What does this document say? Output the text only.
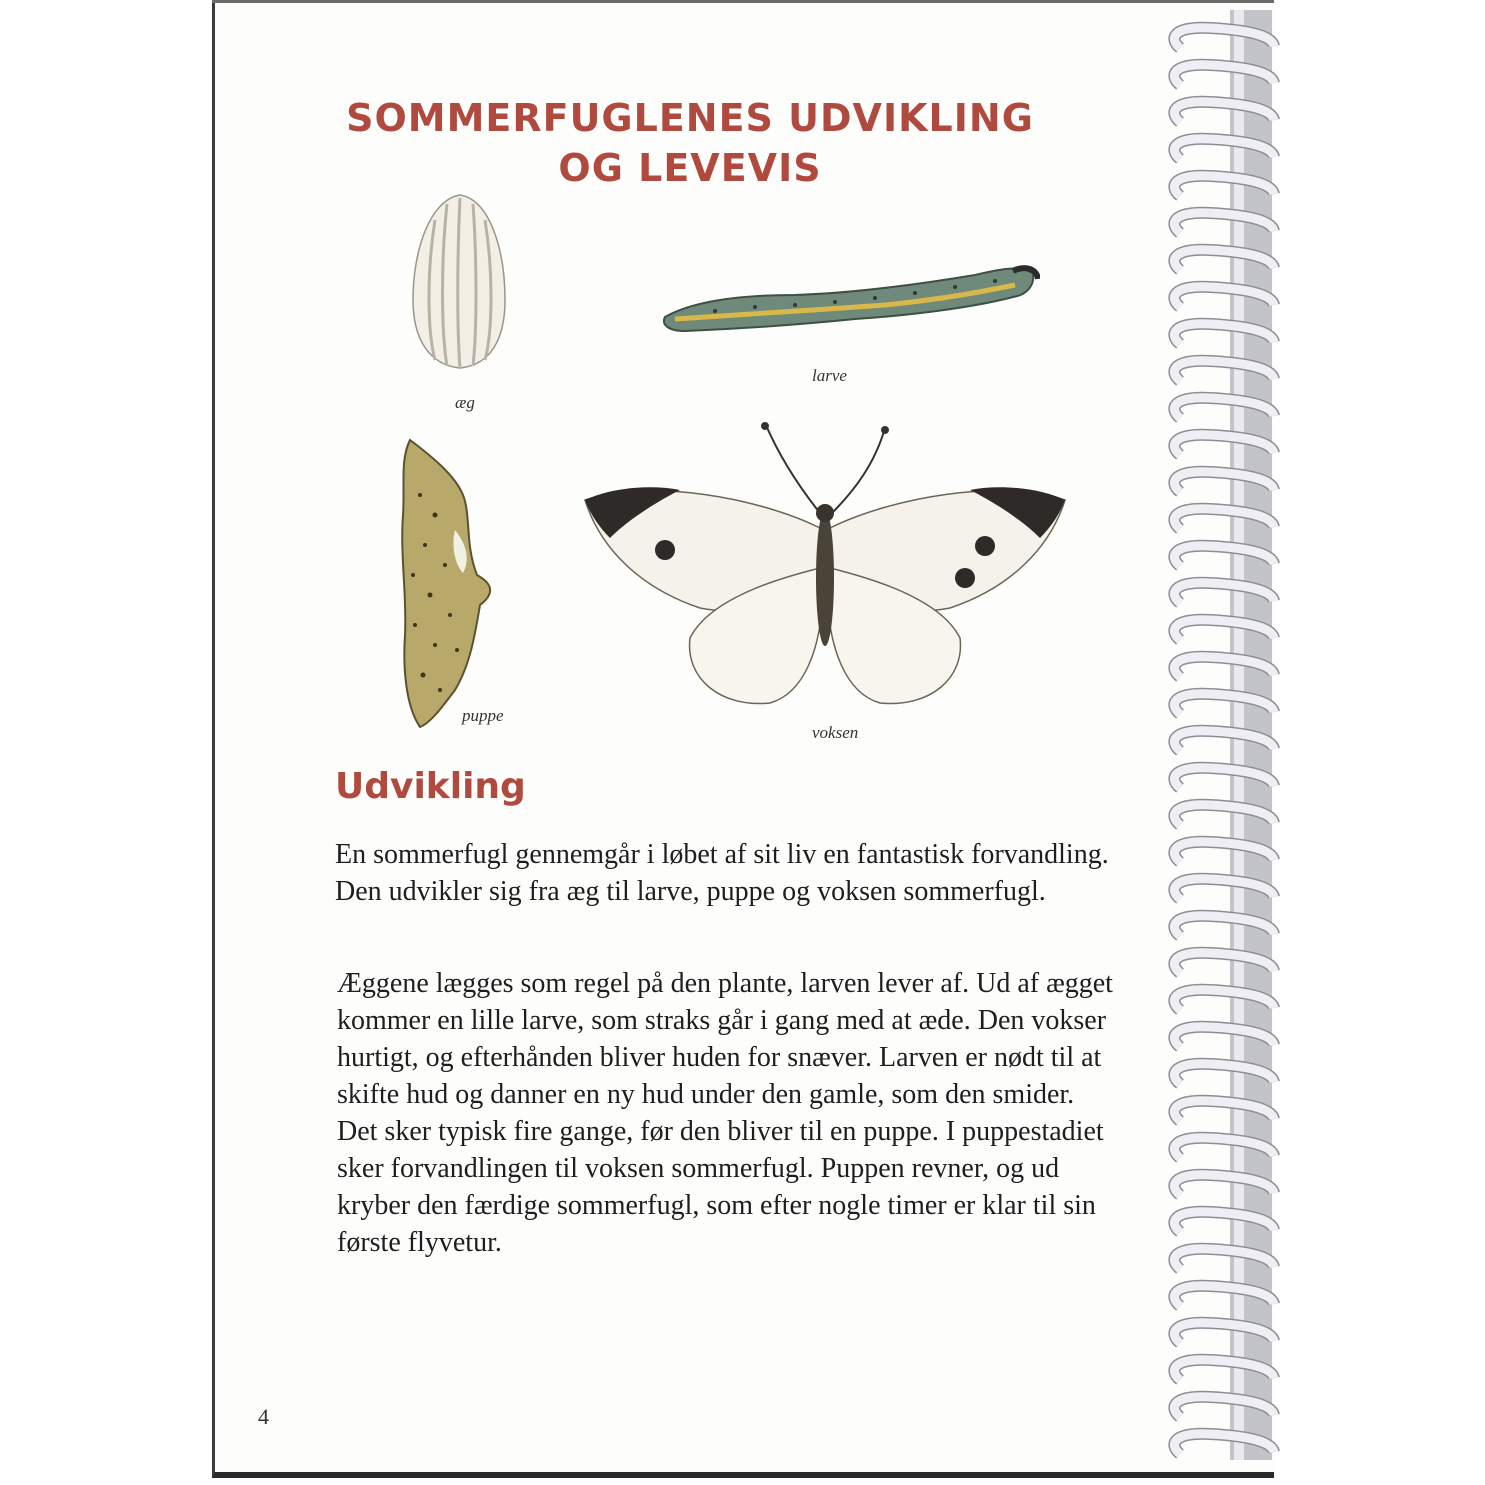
SOMMERFUGLENES UDVIKLING
OG LEVEVIS
æg
larve
puppe
voksen
Udvikling

En sommerfugl gennemgår i løbet af sit liv en fantastisk forvandling. Den udvikler sig fra æg til larve, puppe og voksen sommerfugl.

Æggene lægges som regel på den plante, larven lever af. Ud af ægget kommer en lille larve, som straks går i gang med at æde. Den vokser hurtigt, og efterhånden bliver huden for snæver. Larven er nødt til at skifte hud og danner en ny hud under den gamle, som den smider. Det sker typisk fire gange, før den bliver til en puppe. I puppestadiet sker forvandlingen til voksen sommerfugl. Puppen revner, og ud kryber den færdige sommerfugl, som efter nogle timer er klar til sin første flyvetur.

4
